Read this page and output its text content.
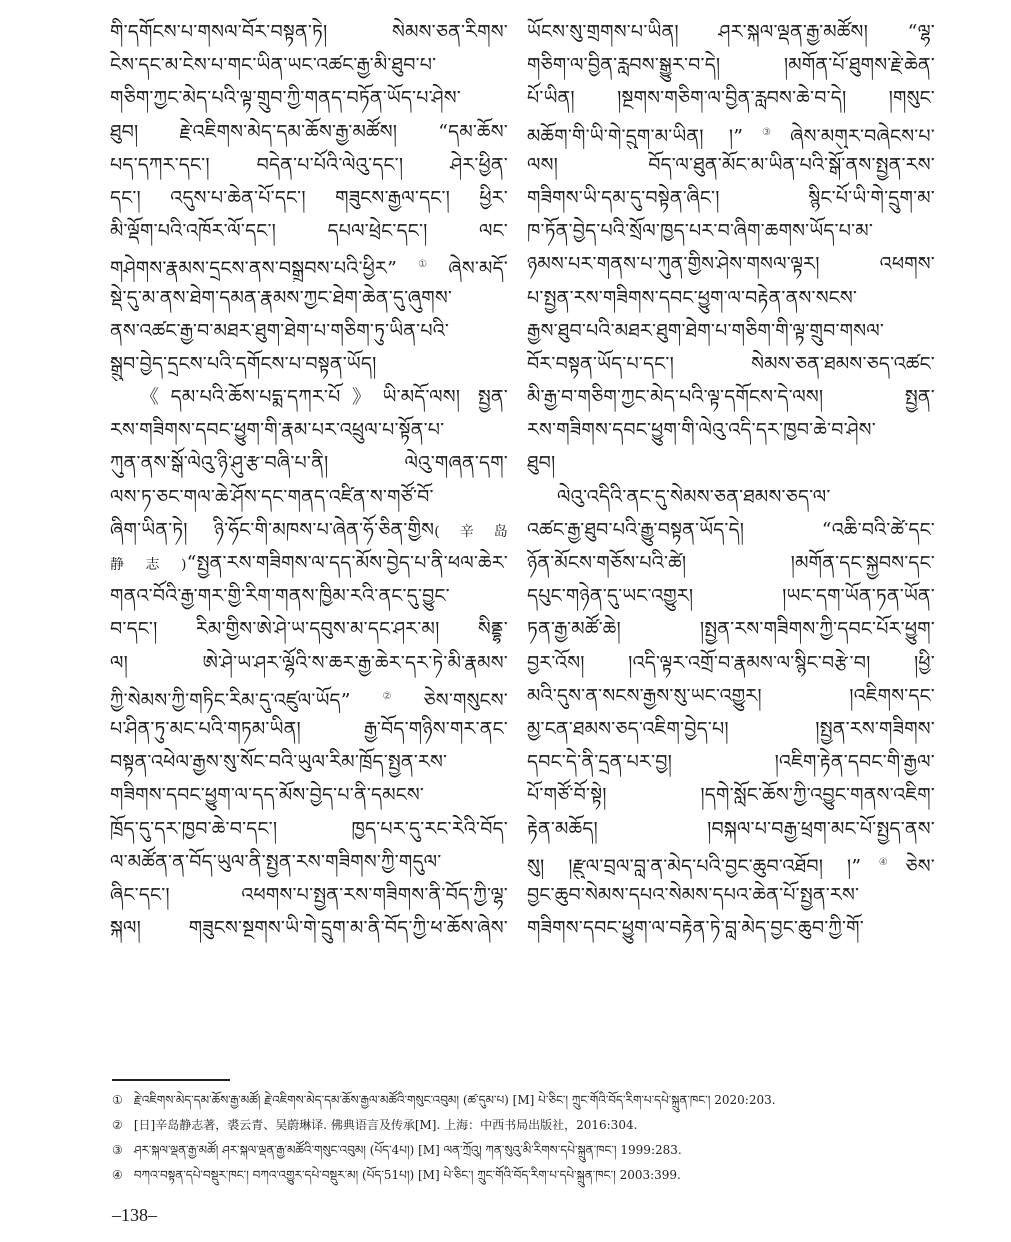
གི་དགོངས་པ་གསལ་བོར་བསྟན་ཏེ། སེམས་ཅན་རིགས་
ངེས་དང་མ་ངེས་པ་གང་ཡིན་ཡང་འཚང་རྒྱ་མི་ཐུབ་པ་
གཅིག་ཀྱང་མེད་པའི་ལྟ་གྲུབ་ཀྱི་གནད་བཏོན་ཡོད་པ་ཤེས་
ཐུབ། རྗེ་འཇིགས་མེད་དམ་ཆོས་རྒྱ་མཚོས། “དམ་ཆོས་
པད་དཀར་དང་། བདེན་པ་པོའི་ལེའུ་དང་། ཤེར་ཕྱིན་
དང་། འདུས་པ་ཆེན་པོ་དང་། གཟུངས་རྒྱལ་དང་། ཕྱིར་
མི་ལྡོག་པའི་འཁོར་ལོ་དང་། དཔལ་ཕྲེང་དང་། ལང་
གཤེགས་རྣམས་དྲངས་ནས་བསྒྲུབས་པའི་ཕྱིར”①ཞེས་མདོ་
སྡེ་དུ་མ་ནས་ཐེག་དམན་རྣམས་ཀྱང་ཐེག་ཆེན་དུ་ཞུགས་
ནས་འཚང་རྒྱ་བ་མཐར་ཐུག་ཐེག་པ་གཅིག་ཏུ་ཡིན་པའི་
སྒྲུབ་བྱེད་དྲངས་པའི་དགོངས་པ་བསྟན་ཡོད།
《དམ་པའི་ཆོས་པདྨ་དཀར་པོ》ཡི་མདོ་ལས། སྤྱན་
རས་གཟིགས་དབང་ཕྱུག་གི་རྣམ་པར་འཕྲུལ་པ་སྟོན་པ་
ཀུན་ནས་སྒོ་ལེའུ་ཉི་ཤུ་རྩ་བཞི་པ་ནི། ལེའུ་གཞན་དག་
ལས་ཏ་ཅང་གལ་ཆེ་ཤོས་དང་གནད་འཛིན་ས་གཙོ་བོ་
ཞིག་ཡིན་ཏེ། ཉི་ཧོང་གི་མཁས་པ་ཞེན་ཧོ་ཅིན་གྱིས(辛岛
静志)“སྤྱན་རས་གཟིགས་ལ་དད་མོས་བྱེད་པ་ནི་ཕལ་ཆེར་
གནའ་བོའི་རྒྱ་གར་གྱི་རིག་གནས་ཁྱིམ་རའི་ནང་དུ་བྱུང་
བ་དང་། རིམ་གྱིས་ཨེ་ཤེ་ཡ་དབུས་མ་དང་ཤར་མ། སིནྡྷ་
ལ། ཨེ་ཤེ་ཡ་ཤར་ལྷོའི་ས་ཆར་རྒྱ་ཆེར་དར་ཏེ་མི་རྣམས་
ཀྱི་སེམས་ཀྱི་གཏིང་རིམ་དུ་འཛུལ་ཡོད”②ཅེས་གསུངས་
པ་ཤིན་ཏུ་མང་པའི་གཏམ་ཡིན། རྒྱ་བོད་གཉིས་གར་ནང་
བསྟན་འཕེལ་རྒྱས་སུ་སོང་བའི་ཡུལ་རིམ་ཁྲོད་སྤྱན་རས་
གཟིགས་དབང་ཕྱུག་ལ་དད་མོས་བྱེད་པ་ནི་དམངས་
ཁྲོད་དུ་དར་ཁྱབ་ཆེ་བ་དང་། ཁྱད་པར་དུ་རང་རེའི་བོད་
ལ་མཚོན་ན་བོད་ཡུལ་ནི་སྤྱན་རས་གཟིགས་ཀྱི་གདུལ་
ཞིང་དང་། འཕགས་པ་སྤྱན་རས་གཟིགས་ནི་བོད་ཀྱི་ལྷ་
སྐལ། གཟུངས་སྔགས་ཡི་གེ་དྲུག་མ་ནི་བོད་ཀྱི་ཕ་ཆོས་ཞེས་
ཡོངས་སུ་གྲགས་པ་ཡིན། ཤར་སྐལ་ལྡན་རྒྱ་མཚོས། “ལྷ་
གཅིག་ལ་བྱིན་རླབས་སྒྱུར་བ་དེ། །མགོན་པོ་ཐུགས་རྗེ་ཆེན་
པོ་ཡིན། །སྔགས་གཅིག་ལ་བྱིན་རླབས་ཆེ་བ་དེ། །གསུང་
མཆོག་གི་ཡི་གེ་དྲུག་མ་ཡིན། །”③ཞེས་མགུར་བཞེངས་པ་
ལས། བོད་ལ་ཐུན་མོང་མ་ཡིན་པའི་སྒོ་ནས་སྤྱན་རས་
གཟིགས་ཡི་དམ་དུ་བསྟེན་ཞིང་། སྙིང་པོ་ཡི་གེ་དྲུག་མ་
ཁ་ཏོན་བྱེད་པའི་སྲོལ་ཁྱད་པར་བ་ཞིག་ཆགས་ཡོད་པ་མ་
ཉམས་པར་གནས་པ་ཀུན་གྱིས་ཤེས་གསལ་ལྟར། འཕགས་
པ་སྤྱན་རས་གཟིགས་དབང་ཕྱུག་ལ་བརྟེན་ནས་སངས་
རྒྱས་ཐུབ་པའི་མཐར་ཐུག་ཐེག་པ་གཅིག་གི་ལྟ་གྲུབ་གསལ་
བོར་བསྟན་ཡོད་པ་དང་། སེམས་ཅན་ཐམས་ཅད་འཚང་
མི་རྒྱ་བ་གཅིག་ཀྱང་མེད་པའི་ལྟ་དགོངས་དེ་ལས། སྤྱན་
རས་གཟིགས་དབང་ཕྱུག་གི་ལེའུ་འདི་དར་ཁྱབ་ཆེ་བ་ཤེས་
ཐུབ།
ལེའུ་འདིའི་ནང་དུ་སེམས་ཅན་ཐམས་ཅད་ལ་
འཚང་རྒྱ་ཐུབ་པའི་རྒྱུ་བསྟན་ཡོད་དེ། “འཆི་བའི་ཚེ་དང་
ཉོན་མོངས་གཅོས་པའི་ཚེ། །མགོན་དང་སྐྱབས་དང་
དཔུང་གཉེན་དུ་ཡང་འགྱུར། །ཡང་དག་ཡོན་ཏན་ཡོན་
ཏན་རྒྱ་མཚོ་ཆེ། །སྤྱན་རས་གཟིགས་ཀྱི་དབང་པོར་ཕྱུག་
བྱར་འོས། །འདི་ལྟར་འགྲོ་བ་རྣམས་ལ་སྙིང་བརྩེ་བ། །ཕྱི་
མའི་དུས་ན་སངས་རྒྱས་སུ་ཡང་འགྱུར། །འཇིགས་དང་
མྱ་ངན་ཐམས་ཅད་འཇིག་བྱེད་པ། །སྤྱན་རས་གཟིགས་
དབང་དེ་ནི་དྲན་པར་བྱ། །འཇིག་རྟེན་དབང་གི་རྒྱལ་
པོ་གཙོ་བོ་སྟེ། །དགེ་སློང་ཆོས་ཀྱི་འབྱུང་གནས་འཇིག་
རྟེན་མཆོད། །བསྐལ་པ་བརྒྱ་ཕྲག་མང་པོ་སྤྱད་ནས་
སུ། །རྫུལ་བྲལ་བླ་ན་མེད་པའི་བྱང་ཆུབ་འཐོབ། །”④ཅེས་
བྱང་ཆུབ་སེམས་དཔའ་སེམས་དཔའ་ཆེན་པོ་སྤྱན་རས་
གཟིགས་དབང་ཕྱུག་ལ་བརྟེན་ཏེ་བླ་མེད་བྱང་ཆུབ་ཀྱི་གོ་
① རྗེ་འཇིགས་མེད་དམ་ཆོས་རྒྱ་མཚོ། རྗེ་འཇིགས་མེད་དམ་ཆོས་རྒྱལ་མཚོའི་གསུང་འབུམ། (ཚ་དུམ་པ) [M] པེ་ཅིང་། ཀྲུང་གོའི་བོད་རིག་པ་དཔེ་སྐྲུན་ཁང་། 2020:203.
② [日]辛岛静志著，裘云青、吴蔚琳译. 佛典语言及传承[M]. 上海：中西书局出版社，2016:304.
③ ཤར་སྐལ་ལྡན་རྒྱ་མཚོ། ཤར་སྐལ་ལྡན་རྒྱ་མཚོའི་གསུང་འབུམ། (པོད་4པ།) [M] ལན་ཀྲོའུ། ཀན་སུའུ་མི་རིགས་དཔེ་སྐྲུན་ཁང་། 1999:283.
④ བཀའ་བསྟན་དཔེ་བསྡུར་ཁང་། བཀའ་འགྱུར་དཔེ་བསྡུར་མ། (པོད་51པ།) [M] པེ་ཅིང་། ཀྲུང་གོའི་བོད་རིག་པ་དཔེ་སྐྲུན་ཁང་། 2003:399.
–138–
